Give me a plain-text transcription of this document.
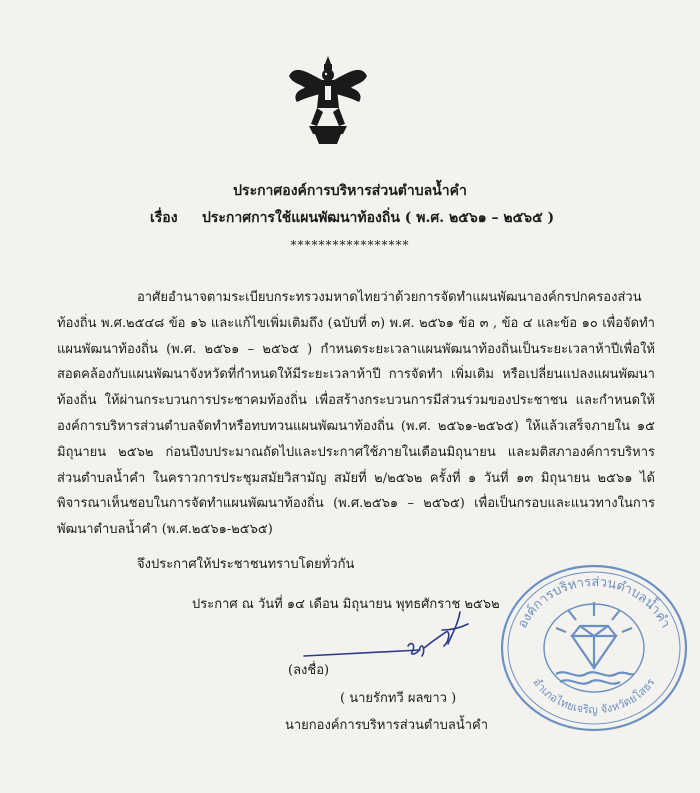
ประกาศองค์การบริหารส่วนตำบลน้ำคำ
เรื่อง ประกาศการใช้แผนพัฒนาท้องถิ่น ( พ.ศ. ๒๕๖๑ – ๒๕๖๕ )
*****************
อาศัยอำนาจตามระเบียบกระทรวงมหาดไทยว่าด้วยการจัดทำแผนพัฒนาองค์กรปกครองส่วนท้องถิ่น พ.ศ.๒๕๔๘ ข้อ ๑๖ และแก้ไขเพิ่มเติมถึง (ฉบับที่ ๓) พ.ศ. ๒๕๖๑ ข้อ ๓ , ข้อ ๔ และข้อ ๑๐ เพื่อจัดทำแผนพัฒนาท้องถิ่น (พ.ศ. ๒๕๖๑ – ๒๕๖๕ ) กำหนดระยะเวลาแผนพัฒนาท้องถิ่นเป็นระยะเวลาห้าปีเพื่อให้สอดคล้องกับแผนพัฒนาจังหวัดที่กำหนดให้มีระยะเวลาห้าปี การจัดทำ เพิ่มเติม หรือเปลี่ยนแปลงแผนพัฒนาท้องถิ่น ให้ผ่านกระบวนการประชาคมท้องถิ่น เพื่อสร้างกระบวนการมีส่วนร่วมของประชาชน และกำหนดให้องค์การบริหารส่วนตำบลจัดทำหรือทบทวนแผนพัฒนาท้องถิ่น (พ.ศ. ๒๕๖๑-๒๕๖๕) ให้แล้วเสร็จภายใน ๑๕ มิถุนายน ๒๕๖๒ ก่อนปีงบประมาณถัดไปและประกาศใช้ภายในเดือนมิถุนายน และมติสภาองค์การบริหารส่วนตำบลน้ำคำ ในคราวการประชุมสมัยวิสามัญ สมัยที่ ๒/๒๕๖๒ ครั้งที่ ๑ วันที่ ๑๓ มิถุนายน ๒๕๖๑ ได้พิจารณาเห็นชอบในการจัดทำแผนพัฒนาท้องถิ่น (พ.ศ.๒๕๖๑ – ๒๕๖๕) เพื่อเป็นกรอบและแนวทางในการพัฒนาตำบลน้ำคำ (พ.ศ.๒๕๖๑-๒๕๖๕)
จึงประกาศให้ประชาชนทราบโดยทั่วกัน
ประกาศ ณ วันที่ ๑๔ เดือน มิถุนายน พุทธศักราช ๒๕๖๒
(ลงชื่อ)
( นายรักทวี ผลขาว )
นายกองค์การบริหารส่วนตำบลน้ำคำ
องค์การบริหารส่วนตำบลน้ำคำ
อำเภอไทยเจริญ จังหวัดยโสธร
